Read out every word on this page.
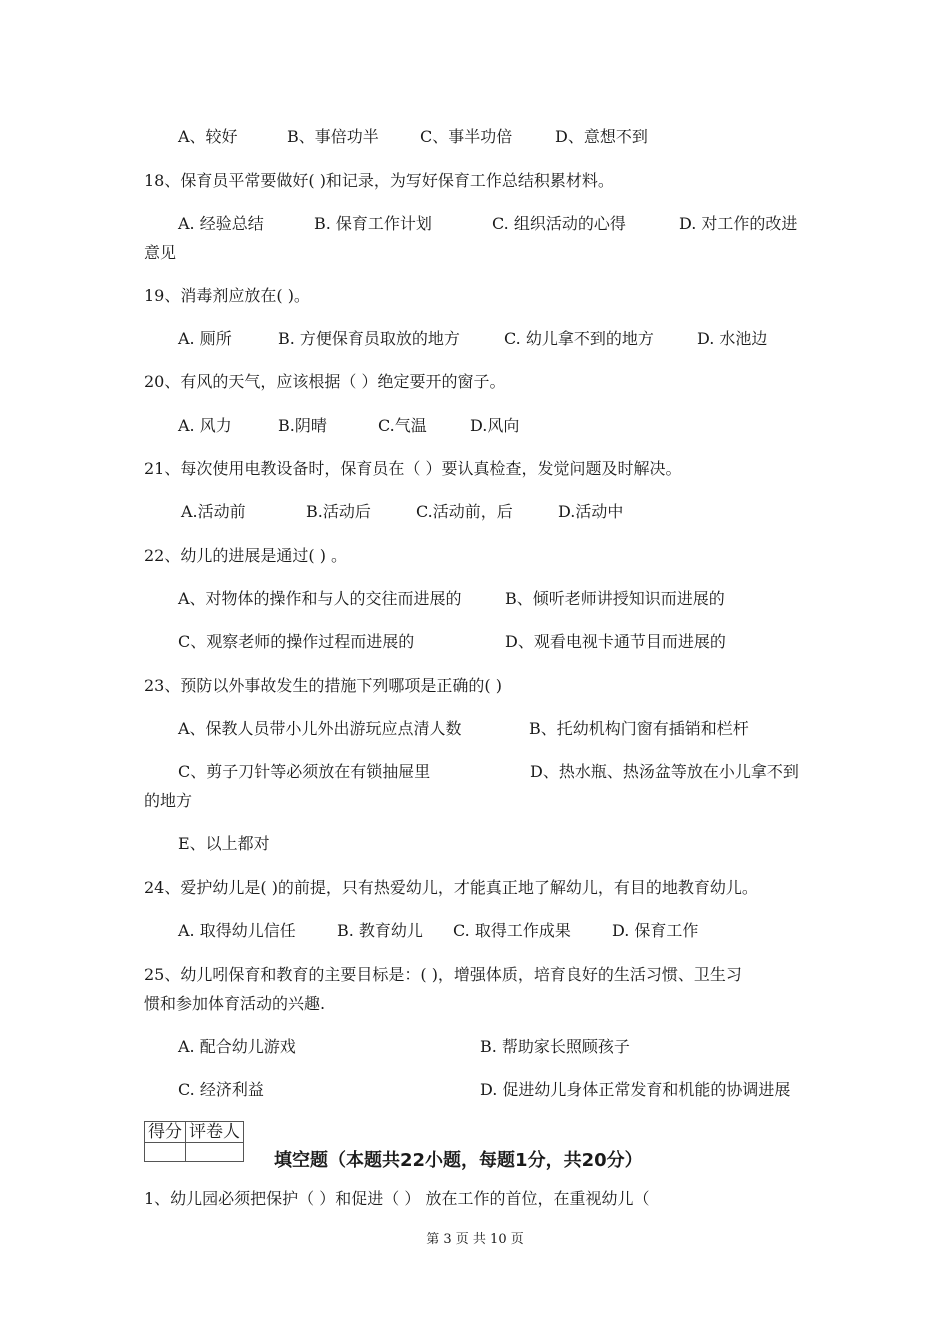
A、较好	B、事倍功半	C、事半功倍	D、意想不到
18、保育员平常要做好( )和记录，为写好保育工作总结积累材料。
A. 经验总结	B. 保育工作计划	C. 组织活动的心得	D. 对工作的改进
意见
19、消毒剂应放在( )。
A. 厕所	B. 方便保育员取放的地方	C. 幼儿拿不到的地方	D. 水池边
20、有风的天气，应该根据（ ）绝定要开的窗子。
A. 风力	B.阴晴	C.气温	D.风向
21、每次使用电教设备时，保育员在（ ）要认真检查，发觉问题及时解决。
A.活动前	B.活动后	C.活动前，后	D.活动中
22、幼儿的进展是通过( ) 。
A、对物体的操作和与人的交往而进展的	B、倾听老师讲授知识而进展的
C、观察老师的操作过程而进展的	D、观看电视卡通节目而进展的
23、预防以外事故发生的措施下列哪项是正确的( )
A、保教人员带小儿外出游玩应点清人数	B、托幼机构门窗有插销和栏杆
C、剪子刀针等必须放在有锁抽屉里	D、热水瓶、热汤盆等放在小儿拿不到
的地方
E、以上都对
24、爱护幼儿是( )的前提，只有热爱幼儿，才能真正地了解幼儿，有目的地教育幼儿。
A. 取得幼儿信任	B. 教育幼儿 C. 取得工作成果	D. 保育工作
25、幼儿吲保育和教育的主要目标是：( )，增强体质，培育良好的生活习惯、卫生习
惯和参加体育活动的兴趣.
A. 配合幼儿游戏	B. 帮助家长照顾孩子
C. 经济利益	D. 促进幼儿身体正常发育和机能的协调进展
得分	评卷人

填空题（本题共22小题，每题1分，共20分）
1、幼儿园必须把保护（ ）和促进（ ） 放在工作的首位，在重视幼儿（
第 3 页 共 10 页
